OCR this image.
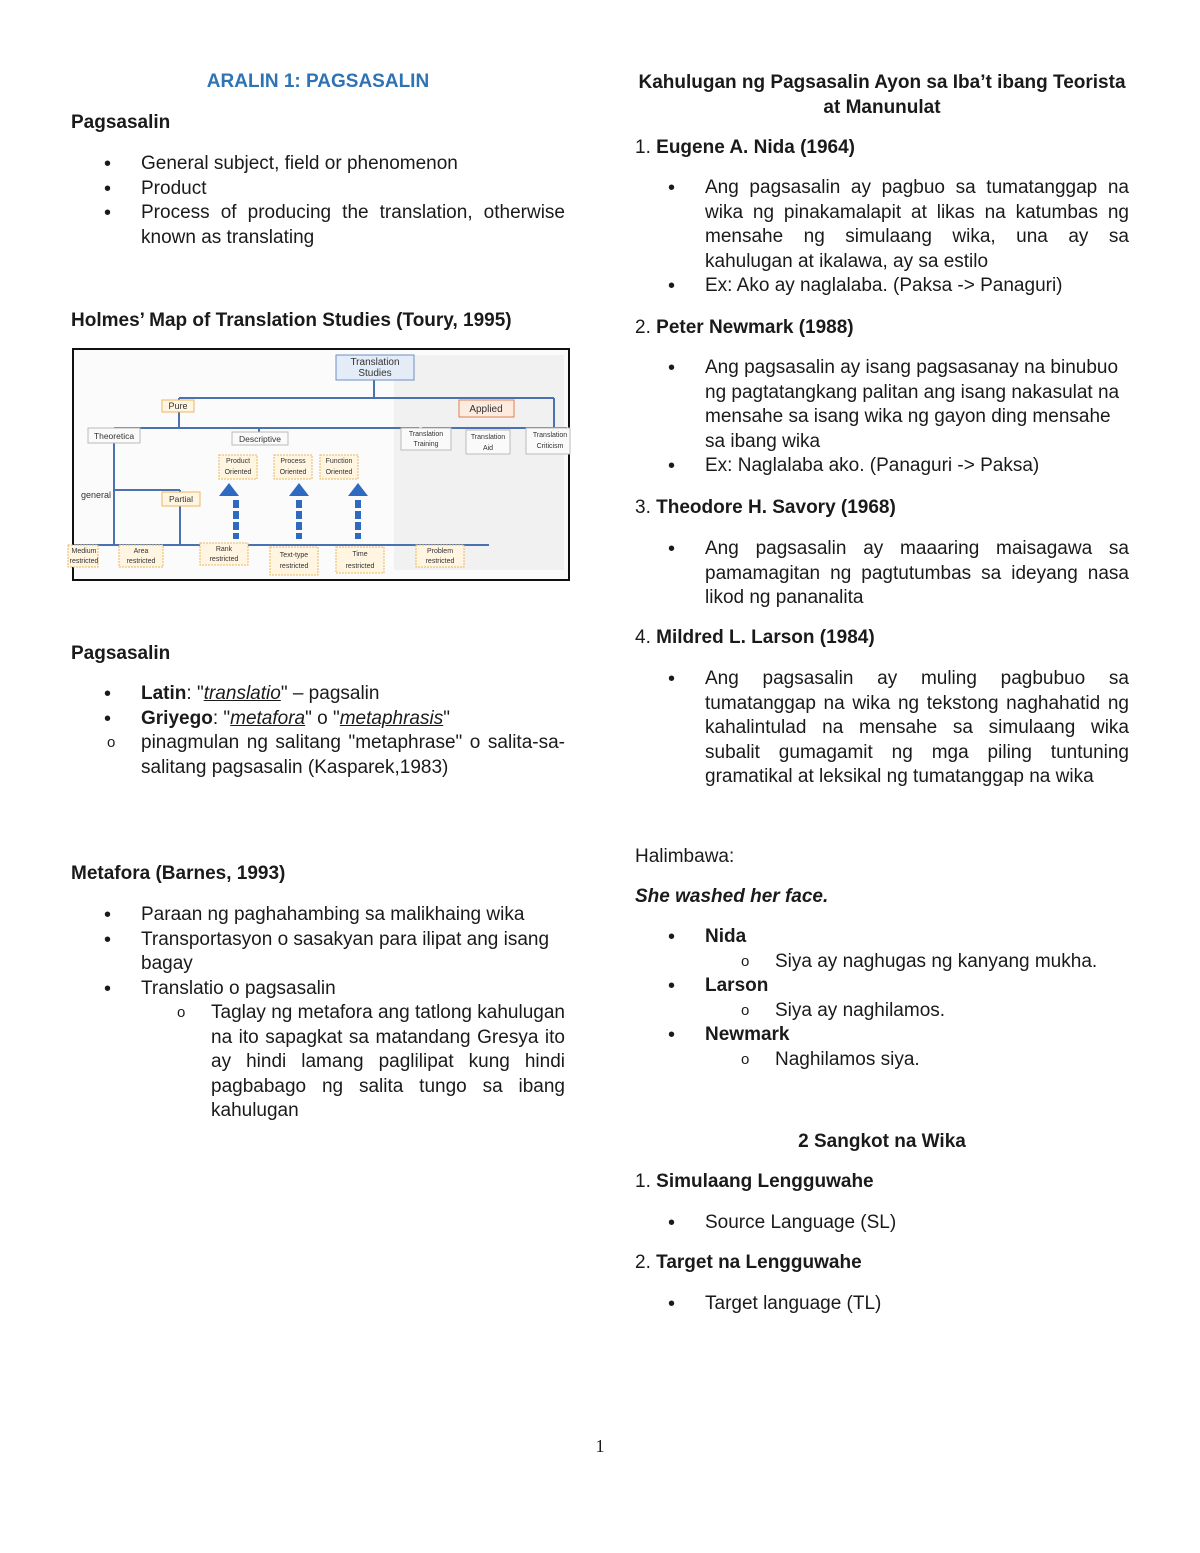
ARALIN 1: PAGSASALIN
Pagsasalin
• General subject, field or phenomenon
• Product
• Process of producing the translation, otherwise known as translating
Holmes’ Map of Translation Studies (Toury, 1995)
Pagsasalin
• Latin: "translatio" – pagsalin
• Griyego: "metafora" o "metaphrasis"
o pinagmulan ng salitang "metaphrase" o salita-sa-salitang pagsasalin (Kasparek,1983)
Metafora (Barnes, 1993)
• Paraan ng paghahambing sa malikhaing wika
• Transportasyon o sasakyan para ilipat ang isang bagay
• Translatio o pagsasalin
o Taglay ng metafora ang tatlong kahulugan na ito sapagkat sa matandang Gresya ito ay hindi lamang paglilipat kung hindi pagbabago ng salita tungo sa ibang kahulugan
Translation
Studies
Pure	Applied
Theoretica	Descriptive
general	Partial
Product
Oriented
Process
Oriented
Function
Oriented
Translation
Training
Translation
Aid
Translation
Criticism
Medium
restricted
Area
restricted
Rank
restricted
Text-type
restricted
Time
restricted
Problem
restricted
Kahulugan ng Pagsasalin Ayon sa Iba’t ibang Teorista at Manunulat
1. Eugene A. Nida (1964)
• Ang pagsasalin ay pagbuo sa tumatanggap na wika ng pinakamalapit at likas na katumbas ng mensahe ng simulaang wika, una ay sa kahulugan at ikalawa, ay sa estilo
• Ex: Ako ay naglalaba. (Paksa -> Panaguri)
2. Peter Newmark (1988)
• Ang pagsasalin ay isang pagsasanay na binubuo ng pagtatangkang palitan ang isang nakasulat na mensahe sa isang wika ng gayon ding mensahe sa ibang wika
• Ex: Naglalaba ako. (Panaguri -> Paksa)
3. Theodore H. Savory (1968)
• Ang pagsasalin ay maaaring maisagawa sa pamamagitan ng pagtutumbas sa ideyang nasa likod ng pananalita
4. Mildred L. Larson (1984)
• Ang pagsasalin ay muling pagbubuo sa tumatanggap na wika ng tekstong naghahatid ng kahalintulad na mensahe sa simulaang wika subalit gumagamit ng mga piling tuntuning gramatikal at leksikal ng tumatanggap na wika
Halimbawa:
She washed her face.
• Nida
o Siya ay naghugas ng kanyang mukha.
• Larson
o Siya ay naghilamos.
• Newmark
o Naghilamos siya.
2 Sangkot na Wika
1. Simulaang Lengguwahe
• Source Language (SL)
2. Target na Lengguwahe
• Target language (TL)
1
